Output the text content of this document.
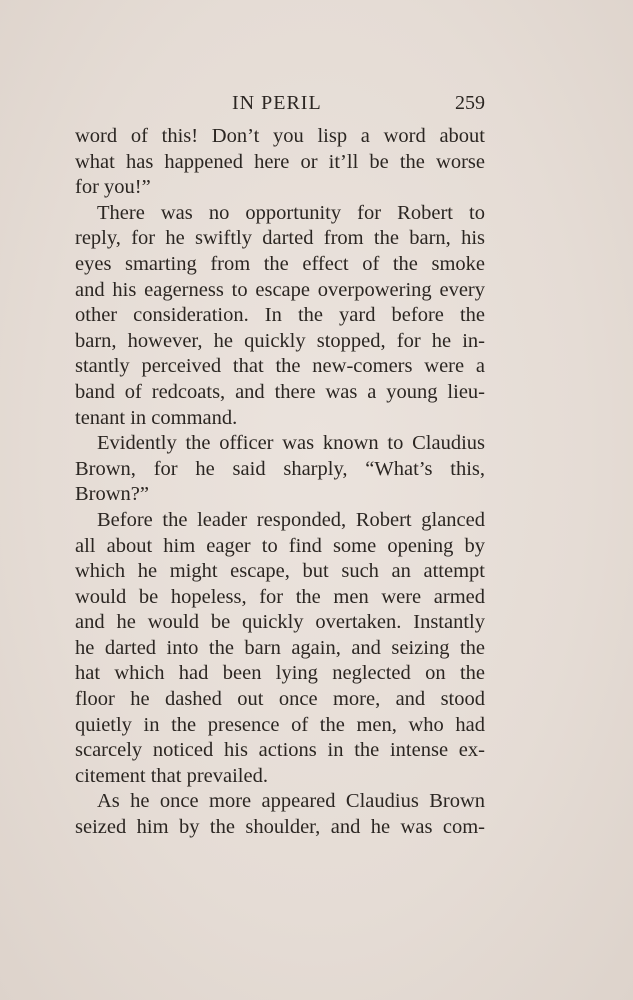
IN PERIL	259
word of this! Don’t you lisp a word about
what has happened here or it’ll be the worse
for you!”
There was no opportunity for Robert to
reply, for he swiftly darted from the barn, his
eyes smarting from the effect of the smoke
and his eagerness to escape overpowering every
other consideration. In the yard before the
barn, however, he quickly stopped, for he in-
stantly perceived that the new-comers were a
band of redcoats, and there was a young lieu-
tenant in command.
Evidently the officer was known to Claudius
Brown, for he said sharply, “What’s this,
Brown?”
Before the leader responded, Robert glanced
all about him eager to find some opening by
which he might escape, but such an attempt
would be hopeless, for the men were armed
and he would be quickly overtaken. Instantly
he darted into the barn again, and seizing the
hat which had been lying neglected on the
floor he dashed out once more, and stood
quietly in the presence of the men, who had
scarcely noticed his actions in the intense ex-
citement that prevailed.
As he once more appeared Claudius Brown
seized him by the shoulder, and he was com-
